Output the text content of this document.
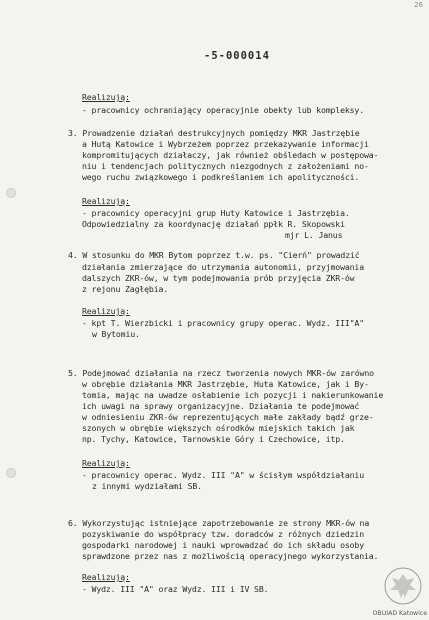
26
-5-000014
Realizują:
- pracownicy ochraniający operacyjnie obekty lub kompleksy.
3. Prowadzenie działań destrukcyjnych pomiędzy MKR Jastrzębie
a Hutą Katowice i Wybrzeżem poprzez przekazywanie informacji
kompromitujących działaczy, jak również obśledach w postępowa-
niu i tendencjach politycznych niezgodnych z założeniami no-
wego ruchu związkowego i podkreślaniem ich apolityczności.
Realizują:
- pracownicy operacyjni grup Huty Katowice i Jastrzębia.
Odpowiedzialny za koordynację działań ppłk R. Skopowski
mjr L. Janus
4. W stosunku do MKR Bytom poprzez t.w. ps. "Cierń" prowadzić
działania zmierzające do utrzymania autonomii, przyjmowania
dalszych ZKR-ów, w tym podejmowania prób przyjęcia ZKR-ów
z rejonu Zagłębia.
Realizują:
- kpt T. Wierzbicki i pracownicy grupy operac. Wydz. III"A"
w Bytomiu.
5. Podejmować działania na rzecz tworzenia nowych MKR-ów zarówno
w obrębie działania MKR Jastrzębie, Huta Katowice, jak i By-
tomia, mając na uwadze osłabienie ich pozycji i nakierunkowanie
ich uwagi na sprawy organizacyjne. Działania te podejmować
w odniesieniu ZKR-ów reprezentujących małe zakłady bądź grze-
szonych w obrębie większych ośrodków miejskich takich jak
np. Tychy, Katowice, Tarnowskie Góry i Czechowice, itp.
Realizują:
- pracownicy operac. Wydz. III "A" w ścisłym współdziałaniu
z innymi wydziałami SB.
6. Wykorzystując istniejące zapotrzebowanie ze strony MKR-ów na
pozyskiwanie do współpracy tzw. doradców z różnych dziedzin
gospodarki narodowej i nauki wprowadzać do ich składu osoby
sprawdzone przez nas z możliwością operacyjnego wykorzystania.
Realizują:
- Wydz. III "A" oraz Wydz. III i IV SB.
OBUIAD Katowice
